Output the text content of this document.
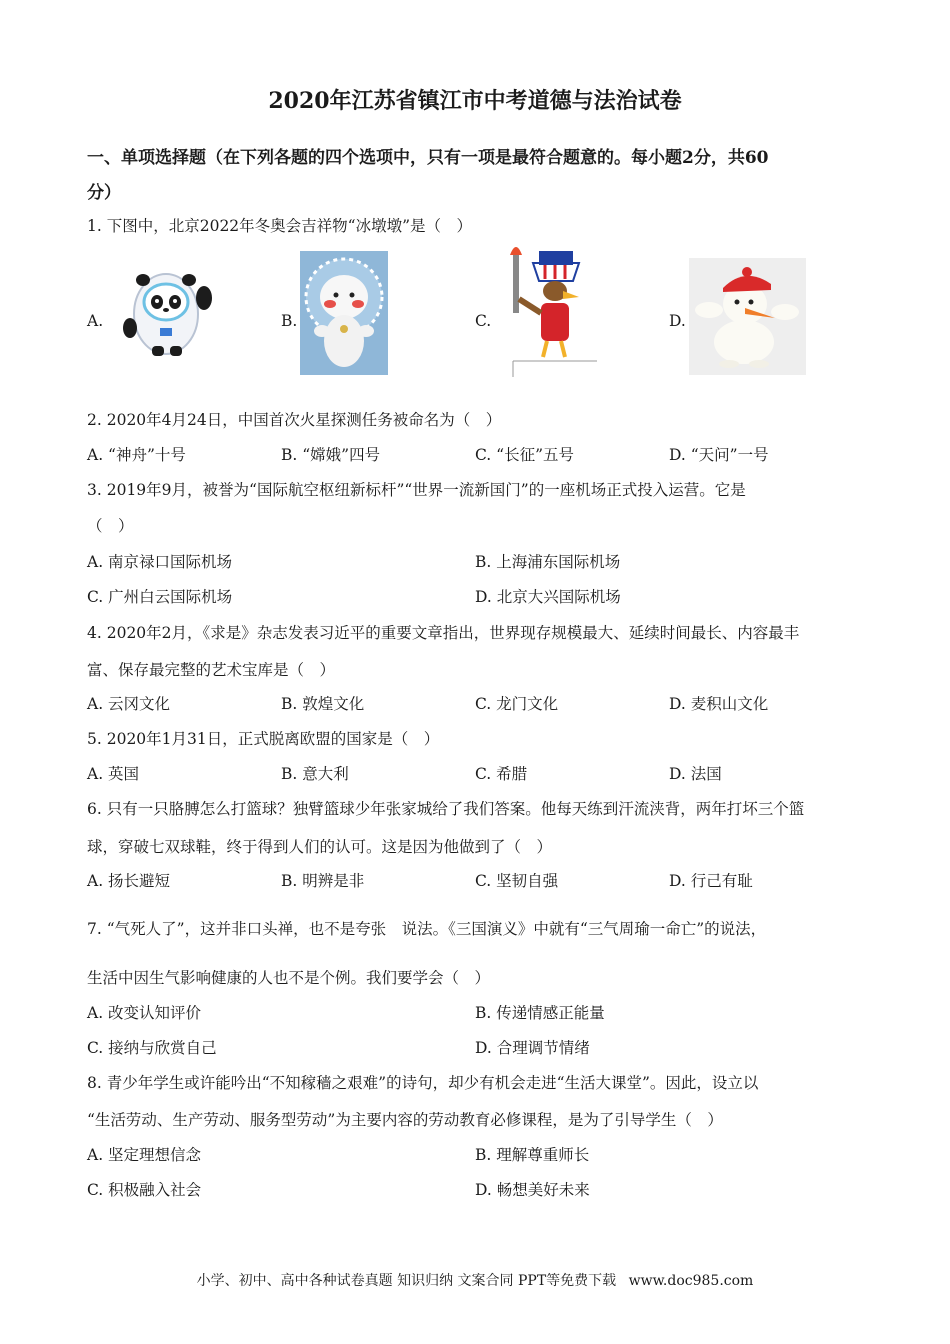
2020年江苏省镇江市中考道德与法治试卷
一、单项选择题（在下列各题的四个选项中，只有一项是最符合题意的。每小题2分，共60
分）
1. 下图中，北京2022年冬奥会吉祥物“冰墩墩”是（　）
A.	B.	C.	D.
2. 2020年4月24日，中国首次火星探测任务被命名为（　）
A. “神舟”十号	B. “嫦娥”四号	C. “长征”五号	D. “天问”一号
3. 2019年9月，被誉为“国际航空枢纽新标杆”“世界一流新国门”的一座机场正式投入运营。它是
（　）
A. 南京禄口国际机场	B. 上海浦东国际机场
C. 广州白云国际机场	D. 北京大兴国际机场
4. 2020年2月，《求是》杂志发表习近平的重要文章指出，世界现存规模最大、延续时间最长、内容最丰
富、保存最完整的艺术宝库是（　）
A. 云冈文化	B. 敦煌文化	C. 龙门文化	D. 麦积山文化
5. 2020年1月31日，正式脱离欧盟的国家是（　）
A. 英国	B. 意大利	C. 希腊	D. 法国
6. 只有一只胳膊怎么打篮球？独臂篮球少年张家城给了我们答案。他每天练到汗流浃背，两年打坏三个篮
球，穿破七双球鞋，终于得到人们的认可。这是因为他做到了（　）
A. 扬长避短	B. 明辨是非	C. 坚韧自强	D. 行己有耻
7. “气死人了”，这并非口头禅，也不是夸张　说法。《三国演义》中就有“三气周瑜一命亡”的说法，
生活中因生气影响健康的人也不是个例。我们要学会（　）
A. 改变认知评价	B. 传递情感正能量
C. 接纳与欣赏自己	D. 合理调节情绪
8. 青少年学生或许能吟出“不知稼穑之艰难”的诗句，却少有机会走进“生活大课堂”。因此，设立以
“生活劳动、生产劳动、服务型劳动”为主要内容的劳动教育必修课程，是为了引导学生（　）
A. 坚定理想信念	B. 理解尊重师长
C. 积极融入社会	D. 畅想美好未来
小学、初中、高中各种试卷真题 知识归纳 文案合同 PPT等免费下载 www.doc985.com
